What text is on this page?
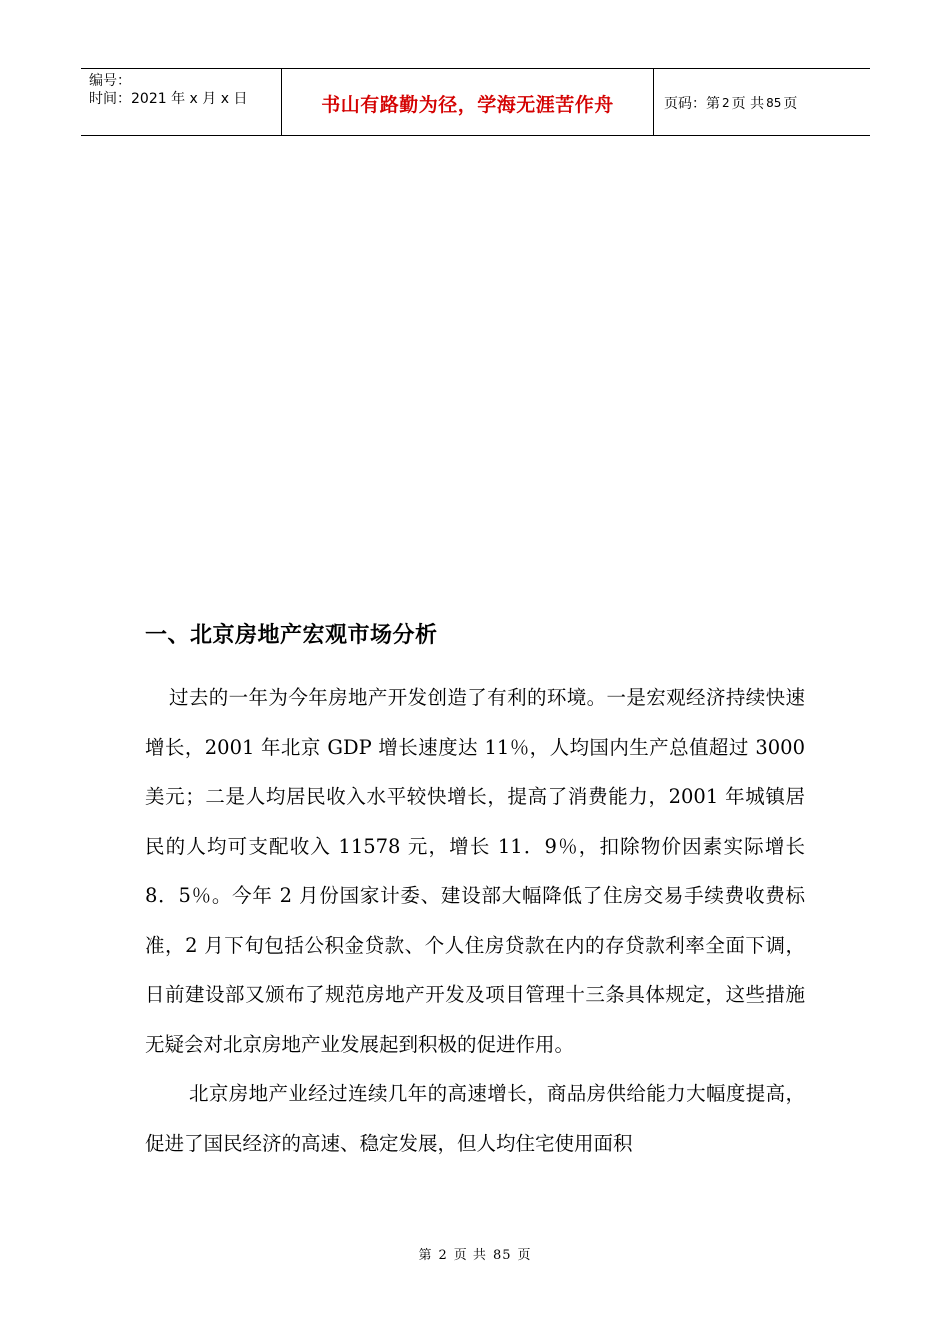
编号：
时间：2021 年 x 月 x 日	书山有路勤为径，学海无涯苦作舟	页码：第 2 页 共 85 页
一、北京房地产宏观市场分析

过去的一年为今年房地产开发创造了有利的环境。一是宏观经济持续快速增长，2001 年北京 GDP 增长速度达 11％，人均国内生产总值超过 3000 美元；二是人均居民收入水平较快增长，提高了消费能力，2001 年城镇居民的人均可支配收入 11578 元，增长 11．9％，扣除物价因素实际增长 8．5％。今年 2 月份国家计委、建设部大幅降低了住房交易手续费收费标准，2 月下旬包括公积金贷款、个人住房贷款在内的存贷款利率全面下调，日前建设部又颁布了规范房地产开发及项目管理十三条具体规定，这些措施无疑会对北京房地产业发展起到积极的促进作用。

北京房地产业经过连续几年的高速增长，商品房供给能力大幅度提高，促进了国民经济的高速、稳定发展，但人均住宅使用面积

第 2 页 共 85 页
